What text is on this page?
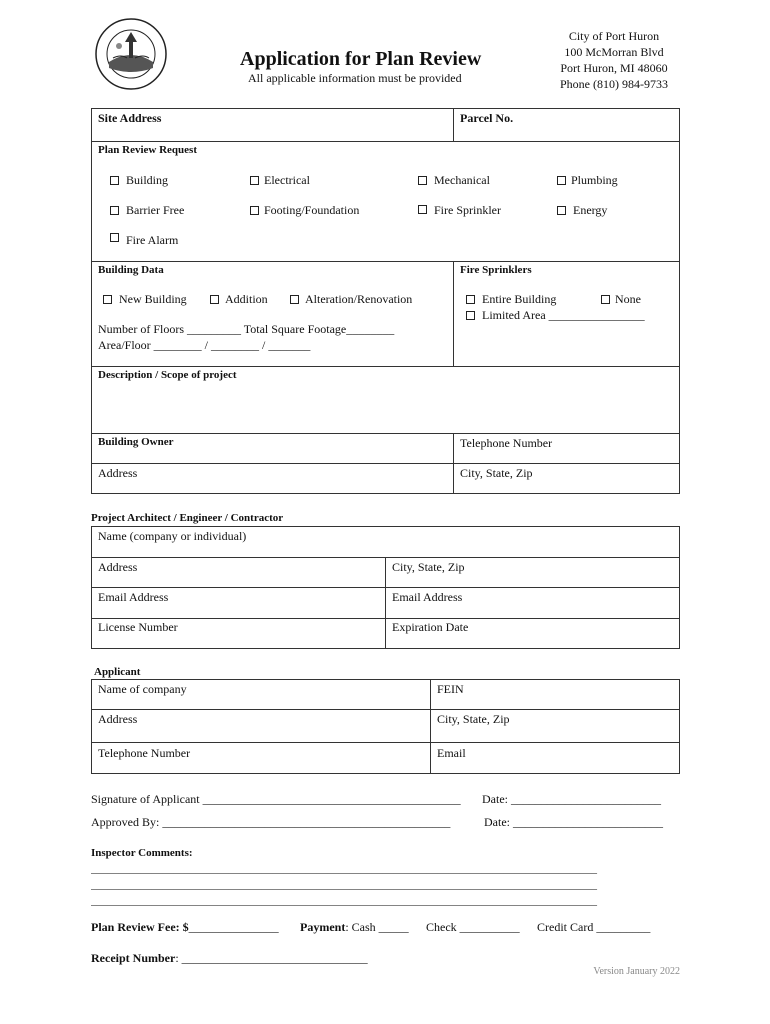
Application for Plan Review
All applicable information must be provided
City of Port Huron
100 McMorran Blvd
Port Huron, MI 48060
Phone (810) 984-9733
Site Address	Parcel No.
Plan Review Request
Building	Electrical	Mechanical	Plumbing
Barrier Free	Footing/Foundation	Fire Sprinkler	Energy
Fire Alarm
Building Data	Fire Sprinklers
New Building	Addition	Alteration/Renovation
Number of Floors _________ Total Square Footage________
Area/Floor ________ / ________ / _______
Entire Building	None
Limited Area ________________
Description / Scope of project
Building Owner	Telephone Number
Address	City, State, Zip
Project Architect / Engineer / Contractor
Name (company or individual)
Address	City, State, Zip
Email Address	Email Address
License Number	Expiration Date
Applicant
Name of company	FEIN
Address	City, State, Zip
Telephone Number	Email
Signature of Applicant ___________________________________________ Date: _________________________
Approved By: ________________________________________________	Date: _________________________
Inspector Comments:
____________________________________________________________________________________________
____________________________________________________________________________________________
____________________________________________________________________________________________
Plan Review Fee: $_______________ Payment: Cash _____ Check __________ Credit Card _________
Receipt Number: _______________________________
Version January 2022
